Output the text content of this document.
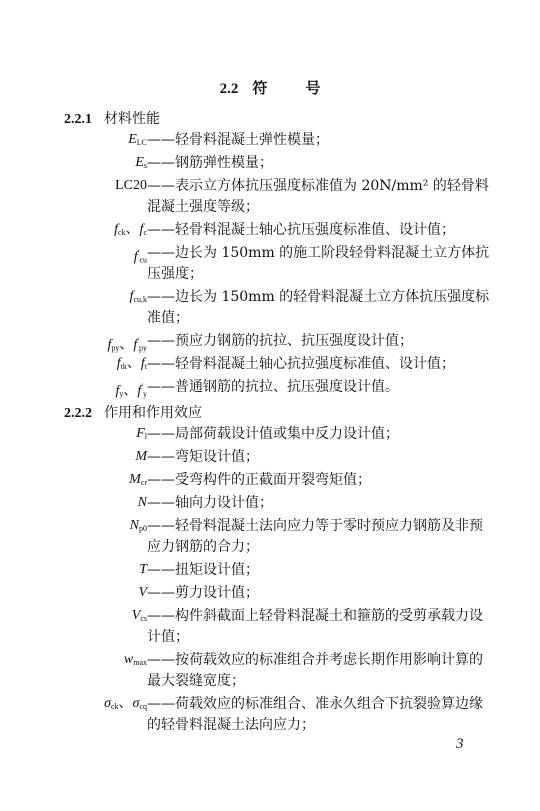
2.2 符	号
2.2.1 材料性能
$E_{LC}$ ——轻骨料混凝土弹性模量；
$E_s$ ——钢筋弹性模量；
LC20 ——表示立方体抗压强度标准值为 20N/mm² 的轻骨料
混凝土强度等级；
$f_{ck}$、$f_c$ ——轻骨料混凝土轴心抗压强度标准值、设计值；
$f'_{cu}$ ——边长为 150mm 的施工阶段轻骨料混凝土立方体抗
压强度；
$f_{cu,k}$ ——边长为 150mm 的轻骨料混凝土立方体抗压强度标
准值；
$f_{py}$、$f'_{py}$ ——预应力钢筋的抗拉、抗压强度设计值；
$f_{tk}$、$f_t$ ——轻骨料混凝土轴心抗拉强度标准值、设计值；
$f_y$、$f'_y$ ——普通钢筋的抗拉、抗压强度设计值。
2.2.2 作用和作用效应
$F_l$ ——局部荷载设计值或集中反力设计值；
M ——弯矩设计值；
$M_{cr}$ ——受弯构件的正截面开裂弯矩值；
N ——轴向力设计值；
$N_{p0}$ ——轻骨料混凝土法向应力等于零时预应力钢筋及非预
应力钢筋的合力；
T ——扭矩设计值；
V ——剪力设计值；
$V_{cs}$ ——构件斜截面上轻骨料混凝土和箍筋的受剪承载力设
计值；
$w_{max}$ ——按荷载效应的标准组合并考虑长期作用影响计算的
最大裂缝宽度；
$\sigma_{ck}$、$\sigma_{cq}$ ——荷载效应的标准组合、准永久组合下抗裂验算边缘
的轻骨料混凝土法向应力；
3
